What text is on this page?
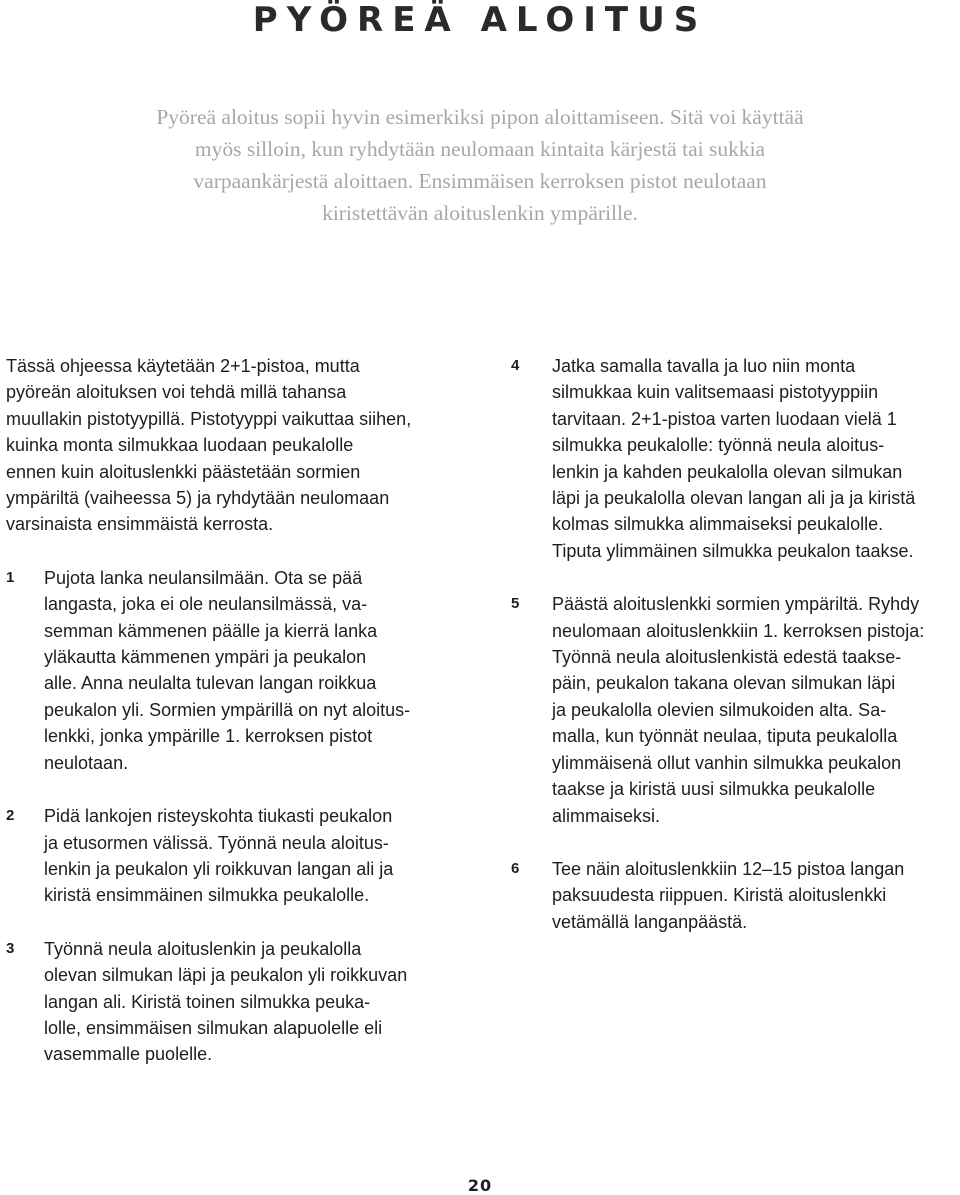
PYÖREÄ ALOITUS

Pyöreä aloitus sopii hyvin esimerkiksi pipon aloittamiseen. Sitä voi käyttää
myös silloin, kun ryhdytään neulomaan kintaita kärjestä tai sukkia
varpaankärjestä aloittaen. Ensimmäisen kerroksen pistot neulotaan
kiristettävän aloituslenkin ympärille.

Tässä ohjeessa käytetään 2+1-pistoa, mutta
pyöreän aloituksen voi tehdä millä tahansa
muullakin pistotyypillä. Pistotyyppi vaikuttaa siihen,
kuinka monta silmukkaa luodaan peukalolle
ennen kuin aloituslenkki päästetään sormien
ympäriltä (vaiheessa 5) ja ryhdytään neulomaan
varsinaista ensimmäistä kerrosta.

1	Pujota lanka neulansilmään. Ota se pää
langasta, joka ei ole neulansilmässä, va-
semman kämmenen päälle ja kierrä lanka
yläkautta kämmenen ympäri ja peukalon
alle. Anna neulalta tulevan langan roikkua
peukalon yli. Sormien ympärillä on nyt aloitus-
lenkki, jonka ympärille 1. kerroksen pistot
neulotaan.

2	Pidä lankojen risteyskohta tiukasti peukalon
ja etusormen välissä. Työnnä neula aloitus-
lenkin ja peukalon yli roikkuvan langan ali ja
kiristä ensimmäinen silmukka peukalolle.

3	Työnnä neula aloituslenkin ja peukalolla
olevan silmukan läpi ja peukalon yli roikkuvan
langan ali. Kiristä toinen silmukka peuka-
lolle, ensimmäisen silmukan alapuolelle eli
vasemmalle puolelle.

4	Jatka samalla tavalla ja luo niin monta
silmukkaa kuin valitsemaasi pistotyyppiin
tarvitaan. 2+1-pistoa varten luodaan vielä 1
silmukka peukalolle: työnnä neula aloitus-
lenkin ja kahden peukalolla olevan silmukan
läpi ja peukalolla olevan langan ali ja ja kiristä
kolmas silmukka alimmaiseksi peukalolle.
Tiputa ylimmäinen silmukka peukalon taakse.

5	Päästä aloituslenkki sormien ympäriltä. Ryhdy
neulomaan aloituslenkkiin 1. kerroksen pistoja:
Työnnä neula aloituslenkistä edestä taakse-
päin, peukalon takana olevan silmukan läpi
ja peukalolla olevien silmukoiden alta. Sa-
malla, kun työnnät neulaa, tiputa peukalolla
ylimmäisenä ollut vanhin silmukka peukalon
taakse ja kiristä uusi silmukka peukalolle
alimmaiseksi.

6	Tee näin aloituslenkkiin 12–15 pistoa langan
paksuudesta riippuen. Kiristä aloituslenkki
vetämällä langanpäästä.

20
